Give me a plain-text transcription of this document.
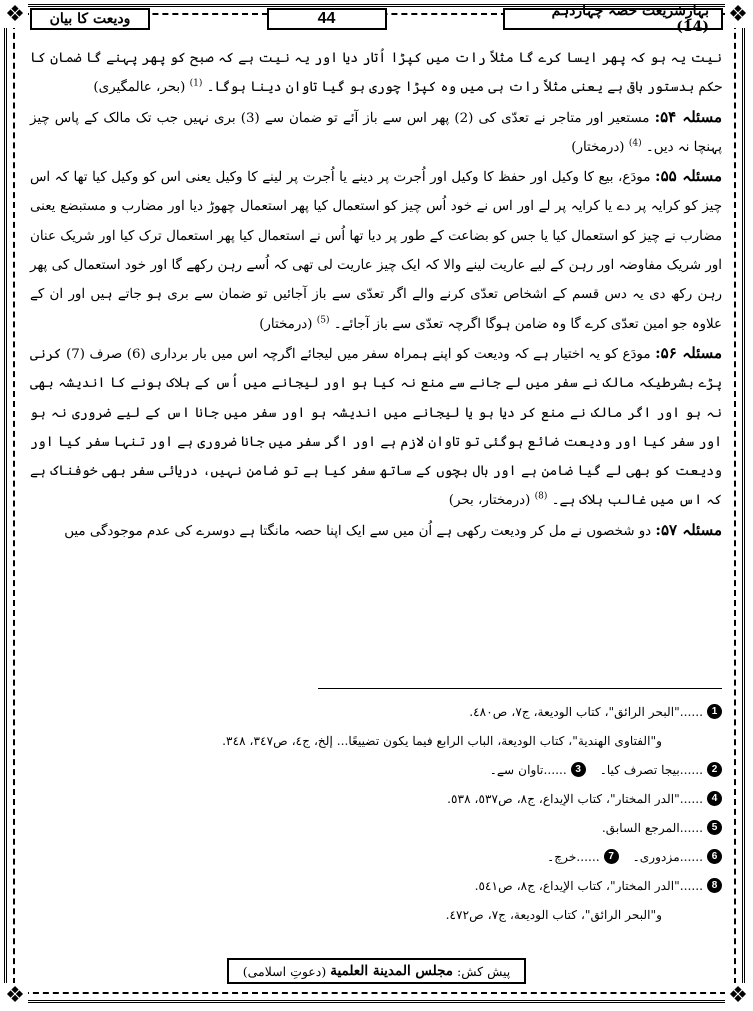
❖	❖
❖	❖
بہارِشریعت حصہ چہاردہم (14)
44
ودیعت کا بیان

نیت یہ ہو کہ پھر ایسا کرے گا مثلاً رات میں کپڑا اُتار دیا اور یہ نیت ہے کہ صبح کو پھر پہنے گا ضمان کا حکم بدستور باقی ہے یعنی مثلاً رات ہی میں وہ کپڑا چوری ہو گیا تاوان دینا ہوگا۔ $^{(1)}$ (بحر، عالمگیری)

مسئلہ ۵۴: مستعیر اور متاجر نے تعدّی کی (2) پھر اس سے باز آئے تو ضمان سے (3) بری نہیں جب تک مالک کے پاس چیز پہنچا نہ دیں۔ $^{(4)}$ (درمختار)

مسئلہ ۵۵: مودَع، بیع کا وکیل اور حفظ کا وکیل اور اُجرت پر دینے یا اُجرت پر لینے کا وکیل یعنی اس کو وکیل کیا تھا کہ اس چیز کو کرایہ پر دے یا کرایہ پر لے اور اس نے خود اُس چیز کو استعمال کیا پھر استعمال چھوڑ دیا اور مضارب و مستبضع یعنی مضارب نے چیز کو استعمال کیا یا جس کو بضاعت کے طور پر دیا تھا اُس نے استعمال کیا پھر استعمال ترک کیا اور شریک عنان اور شریک مفاوضہ اور رہن کے لیے عاریت لینے والا کہ ایک چیز عاریت لی تھی کہ اُسے رہن رکھے گا اور خود استعمال کی پھر رہن رکھ دی یہ دس قسم کے اشخاص تعدّی کرنے والے اگر تعدّی سے باز آجائیں تو ضمان سے بری ہو جاتے ہیں اور ان کے علاوہ جو امین تعدّی کرے گا وہ ضامن ہوگا اگرچہ تعدّی سے باز آجائے۔ $^{(5)}$ (درمختار)

مسئلہ ۵۶: مودَع کو یہ اختیار ہے کہ ودیعت کو اپنے ہمراہ سفر میں لیجائے اگرچہ اس میں بار برداری (6) صرف (7) کرنی پڑے بشرطیکہ مالک نے سفر میں لے جانے سے منع نہ کیا ہو اور لیجانے میں اُس کے ہلاک ہونے کا اندیشہ بھی نہ ہو اور اگر مالک نے منع کر دیا ہو یا لیجانے میں اندیشہ ہو اور سفر میں جانا اس کے لیے ضروری نہ ہو اور سفر کیا اور ودیعت ضائع ہوگئی تو تاوان لازم ہے اور اگر سفر میں جانا ضروری ہے اور تنہا سفر کیا اور ودیعت کو بھی لے گیا ضامن ہے اور بال بچوں کے ساتھ سفر کیا ہے تو ضامن نہیں، دریائی سفر بھی خوفناک ہے کہ اس میں غالب ہلاک ہے۔ $^{(8)}$ (درمختار، بحر)

مسئلہ ۵۷: دو شخصوں نے مل کر ودیعت رکھی ہے اُن میں سے ایک اپنا حصہ مانگتا ہے دوسرے کی عدم موجودگی میں

1
......"البحر الرائق"، كتاب الوديعة، ج٧، ص٤٨٠.
و"الفتاوى الهندية"، كتاب الوديعة، الباب الرابع فيما يكون تضييعًا... إلخ، ج٤، ص٣٤٧، ٣٤٨.
2
......بیجا تصرف کیا۔
3
......تاوان سے۔
4
......"الدر المختار"، كتاب الإيداع، ج٨، ص٥٣٧، ٥٣٨.
5
......المرجع السابق.
6
......مزدوری۔
7
......خرچ۔
8
......"الدر المختار"، كتاب الإيداع، ج٨، ص٥٤١.
و"البحر الرائق"، كتاب الوديعة، ج٧، ص٤٧٢.
پیش کش:
مجلس المدينة العلمية
(دعوتِ اسلامی)
